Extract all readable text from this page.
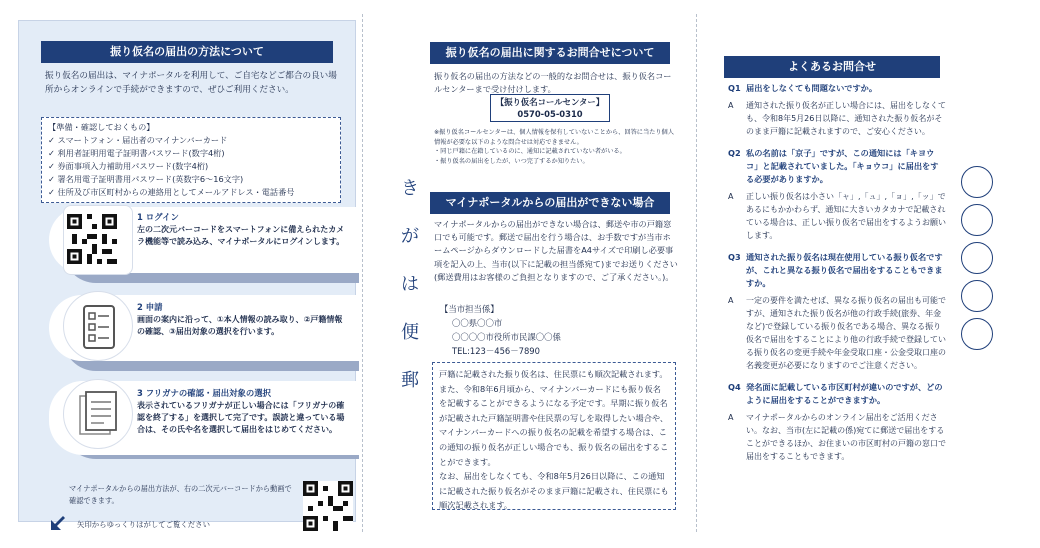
振り仮名の届出の方法について
振り仮名の届出は、マイナポータルを利用して、ご自宅などご都合の良い場所からオンラインで手続ができますので、ぜひご利用ください。
【準備・確認しておくもの】
✓ スマートフォン・届出者のマイナンバーカード
✓ 利用者証明用電子証明書パスワード(数字4桁)
✓ 券面事項入力補助用パスワード(数字4桁)
✓ 署名用電子証明書用パスワード(英数字6～16文字)
✓ 住所及び市区町村からの連絡用としてメールアドレス・電話番号
1 ログイン
左の二次元バーコードをスマートフォンに備えられたカメラ機能等で読み込み、マイナポータルにログインします。
2 申請
画面の案内に沿って、①本人情報の読み取り、②戸籍情報の確認、③届出対象の選択を行います。
3 フリガナの確認・届出対象の選択
表示されているフリガナが正しい場合には「フリガナの確認を終了する」を選択して完了です。誤読と違っている場合は、その氏や名を選択して届出をはじめてください。
マイナポータルからの届出方法が、右の二次元バーコードから動画で確認できます。
矢印からゆっくりはがしてご覧ください
き
が
は
便
郵
振り仮名の届出に関するお問合せについて
振り仮名の届出の方法などの一般的なお問合せは、振り仮名コールセンターまで受け付けします。
【振り仮名コールセンター】
0570-05-0310
※振り仮名コールセンターは、個人情報を保有していないことから、回答に当たり個人情報が必要な以下のような問合せは対応できません。
・同じ戸籍に在籍しているのに、通知に記載されていない者がいる。
・振り仮名の届出をしたが、いつ完了するか知りたい。
マイナポータルからの届出ができない場合
マイナポータルからの届出ができない場合は、郵送や市の戸籍窓口でも可能です。郵送で届出を行う場合は、お手数ですが当市ホームページからダウンロードした届書をA4サイズで印刷し必要事項を記入の上、当市(以下に記載の担当係宛て)までお送りください(郵送費用はお客様のご負担となりますので、ご了承ください。)。
【当市担当係】
〇〇県〇〇市
〇〇〇〇市役所市民課〇〇係
TEL:123－456－7890
戸籍に記載された振り仮名は、住民票にも順次記載されます。また、令和8年6月頃から、マイナンバーカードにも振り仮名を記載することができるようになる予定です。早期に振り仮名が記載された戸籍証明書や住民票の写しを取得したい場合や、マイナンバーカードへの振り仮名の記載を希望する場合は、この通知の振り仮名が正しい場合でも、振り仮名の届出をすることができます。
なお、届出をしなくても、令和8年5月26日以降に、この通知に記載された振り仮名がそのまま戸籍に記載され、住民票にも順次記載されます。
よくあるお問合せ
Q1 届出をしなくても問題ないですか。
A	通知された振り仮名が正しい場合には、届出をしなくても、令和8年5月26日以降に、通知された振り仮名がそのまま戸籍に記載されますので、ご安心ください。
Q2 私の名前は「京子」ですが、この通知には「キヨウコ」と記載されていました。「キョウコ」に届出をする必要がありますか。
A	正しい振り仮名は小さい「ャ」,「ュ」,「ョ」,「ッ」であるにもかかわらず、通知に大きいカタカナで記載されている場合は、正しい振り仮名で届出をするようお願いします。
Q3 通知された振り仮名は現在使用している振り仮名ですが、これと異なる振り仮名で届出をすることもできますか。
A	一定の要件を満たせば、異なる振り仮名の届出も可能ですが、通知された振り仮名が他の行政手続(旅券、年金など)で登録している振り仮名である場合、異なる振り仮名で届出をすることにより他の行政手続で登録している振り仮名の変更手続や年金受取口座・公金受取口座の名義変更が必要になりますのでご注意ください。
Q4 発名面に記載している市区町村が違いのですが、どのように届出をすることができますか。
A	マイナポータルからのオンライン届出をご活用ください。なお、当市(左に記載の係)宛てに郵送で届出をすることができるほか、お住まいの市区町村の戸籍の窓口で届出をすることもできます。
